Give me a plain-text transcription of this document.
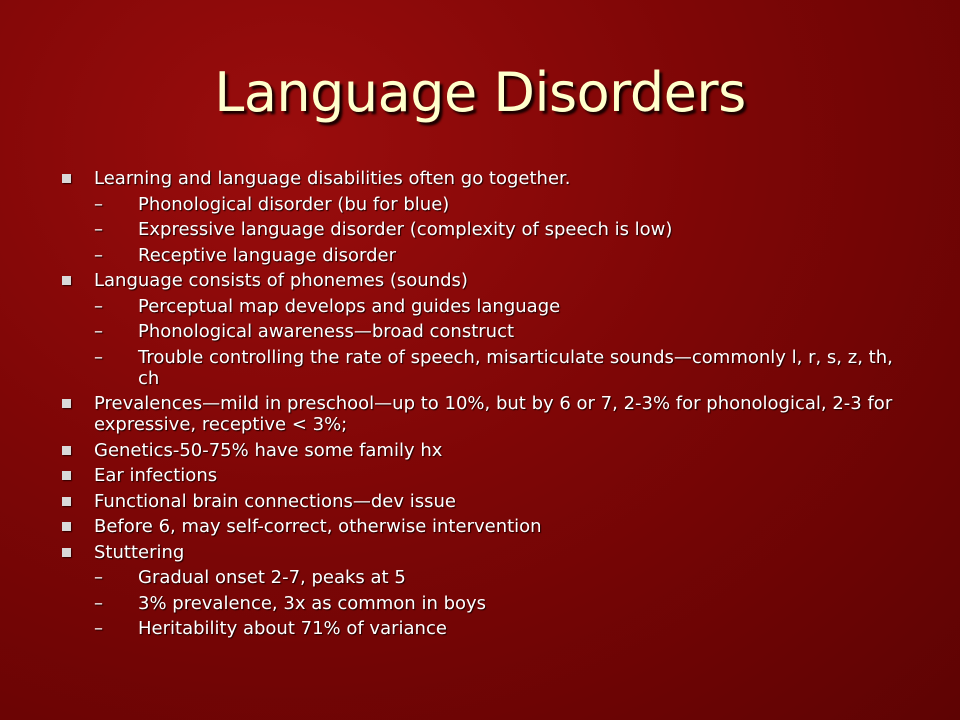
Language Disorders
Learning and language disabilities often go together.
– Phonological disorder (bu for blue)
– Expressive language disorder (complexity of speech is low)
– Receptive language disorder
Language consists of phonemes (sounds)
– Perceptual map develops and guides language
– Phonological awareness—broad construct
– Trouble controlling the rate of speech, misarticulate sounds—commonly l, r, s, z, th, ch
Prevalences—mild in preschool—up to 10%, but by 6 or 7, 2-3% for phonological, 2-3 for expressive, receptive < 3%;
Genetics-50-75% have some family hx
Ear infections
Functional brain connections—dev issue
Before 6, may self-correct, otherwise intervention
Stuttering
– Gradual onset 2-7, peaks at 5
– 3% prevalence, 3x as common in boys
– Heritability about 71% of variance
